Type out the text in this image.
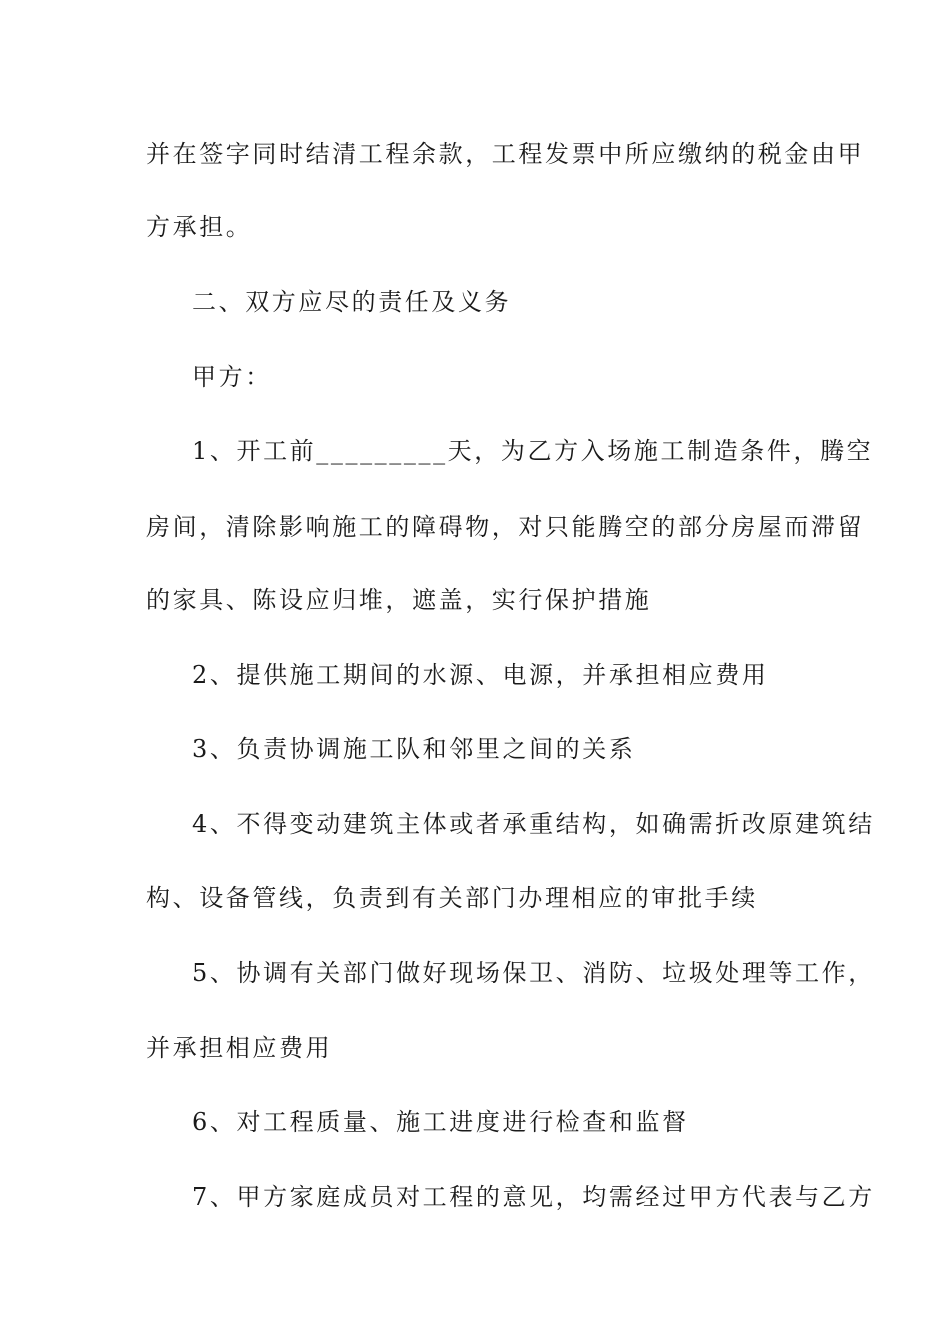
并在签字同时结清工程余款，工程发票中所应缴纳的税金由甲
方承担。
二、双方应尽的责任及义务
甲方：
1、开工前_________天，为乙方入场施工制造条件，腾空
房间，清除影响施工的障碍物，对只能腾空的部分房屋而滞留
的家具、陈设应归堆，遮盖，实行保护措施
2、提供施工期间的水源、电源，并承担相应费用
3、负责协调施工队和邻里之间的关系
4、不得变动建筑主体或者承重结构，如确需折改原建筑结
构、设备管线，负责到有关部门办理相应的审批手续
5、协调有关部门做好现场保卫、消防、垃圾处理等工作，
并承担相应费用
6、对工程质量、施工进度进行检查和监督
7、甲方家庭成员对工程的意见，均需经过甲方代表与乙方
